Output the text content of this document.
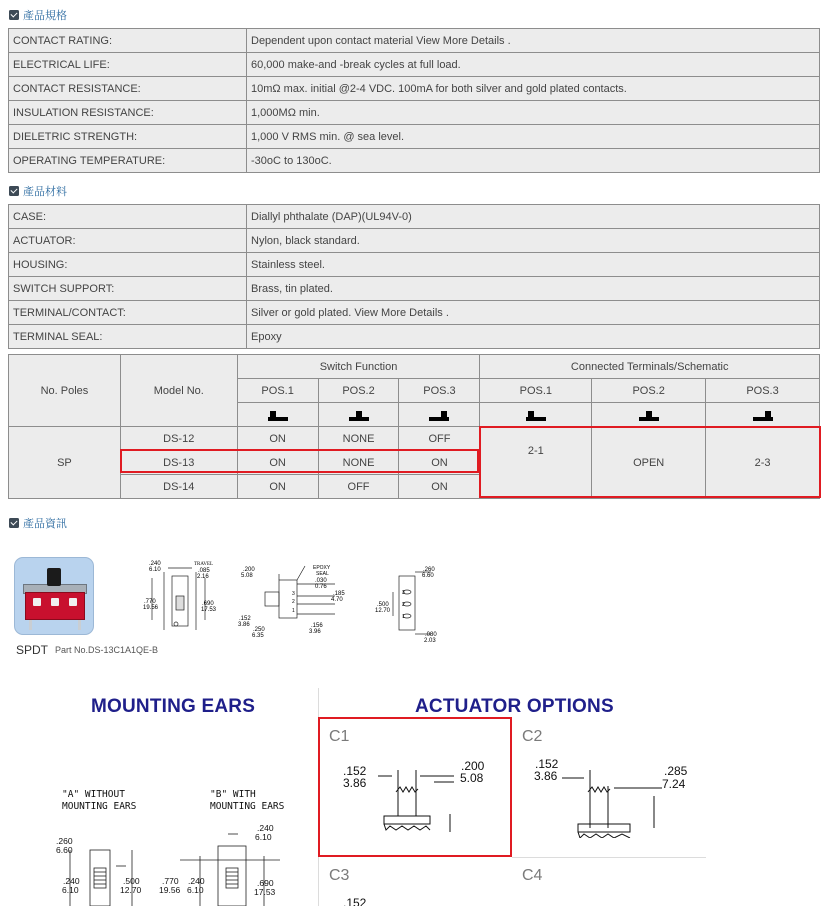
產品規格
CONTACT RATING:	Dependent upon contact material View More Details .
ELECTRICAL LIFE:	60,000 make-and -break cycles at full load.
CONTACT RESISTANCE:	10mΩ max. initial @2-4 VDC. 100mA for both silver and gold plated contacts.
INSULATION RESISTANCE:	1,000MΩ min.
DIELETRIC STRENGTH:	1,000 V RMS min. @ sea level.
OPERATING TEMPERATURE:	-30oC to 130oC.
產品材料
CASE:	Diallyl phthalate (DAP)(UL94V-0)
ACTUATOR:	Nylon, black standard.
HOUSING:	Stainless steel.
SWITCH SUPPORT:	Brass, tin plated.
TERMINAL/CONTACT:	Silver or gold plated. View More Details .
TERMINAL SEAL:	Epoxy
No. Poles	Model No.	Switch Function			Connected Terminals/Schematic		
		POS.1	POS.2	POS.3	POS.1	POS.2	POS.3

SP	DS-12	ON	NONE	OFF	2-1	OPEN	2-3
	DS-13	ON	NONE	ON			
	DS-14	ON	OFF	ON			
產品資訊
SPDT Part No.DS-13C1A1QE-B
.240
6.10
TRAVEL
.085
2.16
.770
19.56
.690
17.53
3
2
1
.200
5.08
EPOXY
SEAL
.030
0.76
.185
4.70
.152
3.86
.250
6.35
.156
3.96
3
2
1
.260
6.60
.500
12.70
.080
2.03
MOUNTING EARS
"A" WITHOUT
MOUNTING EARS
"B" WITH
MOUNTING EARS
.240
6.10
.260
6.60
.240
6.10
.500
12.70
.770
19.56
.240
6.10
.690
17.53
ACTUATOR OPTIONS
C1
.152
3.86
.200
5.08
C2
.152
3.86	.285
7.24
C3
.152
C4
